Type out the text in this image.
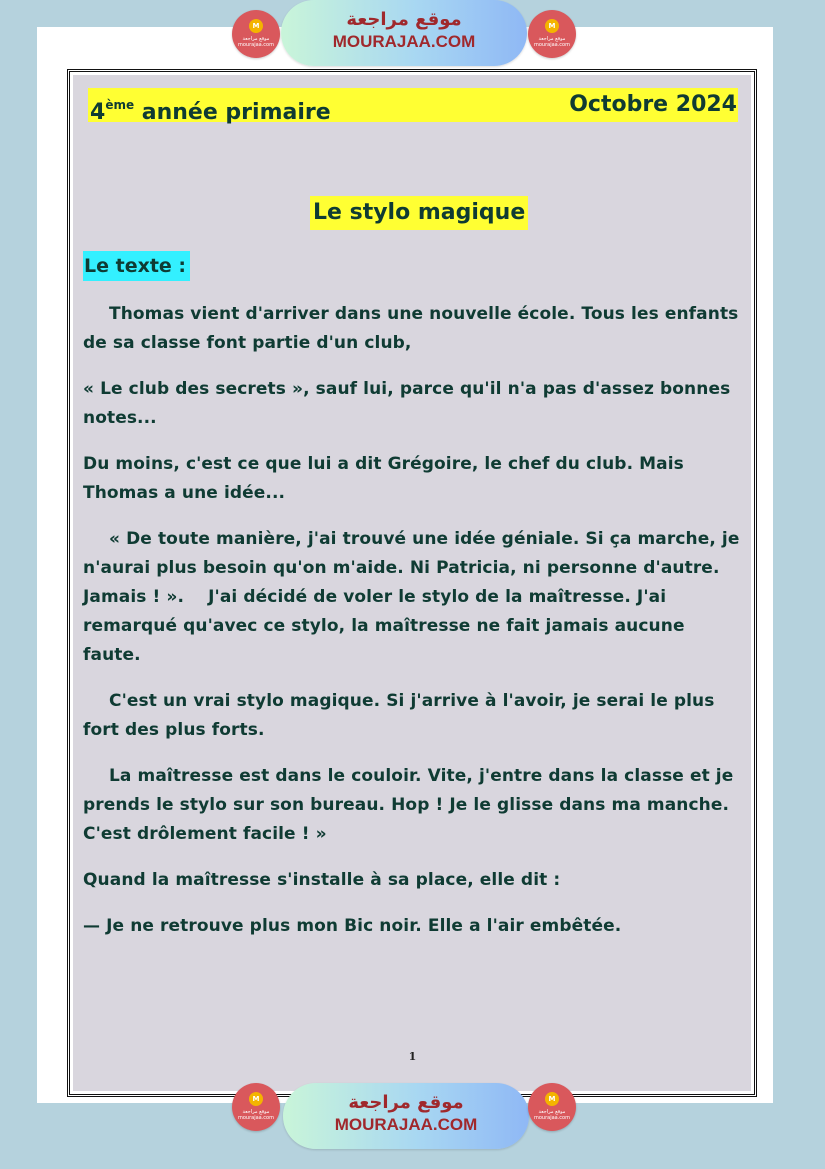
M
موقع مراجعة mourajaa.com
موقع مراجعة
MOURAJAA.COM
M
موقع مراجعة mourajaa.com
4ème année primaire	Octobre 2024
Le stylo magique
Le texte :

Thomas vient d'arriver dans une nouvelle école. Tous les enfants de sa classe font partie d'un club,

« Le club des secrets », sauf lui, parce qu'il n'a pas d'assez bonnes notes...

Du moins, c'est ce que lui a dit Grégoire, le chef du club. Mais Thomas a une idée...

« De toute manière, j'ai trouvé une idée géniale. Si ça marche, je n'aurai plus besoin qu'on m'aide. Ni Patricia, ni personne d'autre. Jamais ! ».    J'ai décidé de voler le stylo de la maîtresse. J'ai remarqué qu'avec ce stylo, la maîtresse ne fait jamais aucune faute.

C'est un vrai stylo magique. Si j'arrive à l'avoir, je serai le plus fort des plus forts.

La maîtresse est dans le couloir. Vite, j'entre dans la classe et je prends le stylo sur son bureau. Hop ! Je le glisse dans ma manche. C'est drôlement facile ! »

Quand la maîtresse s'installe à sa place, elle dit :

— Je ne retrouve plus mon Bic noir. Elle a l'air embêtée.

1
M
موقع مراجعة mourajaa.com
موقع مراجعة
MOURAJAA.COM
M
موقع مراجعة mourajaa.com
